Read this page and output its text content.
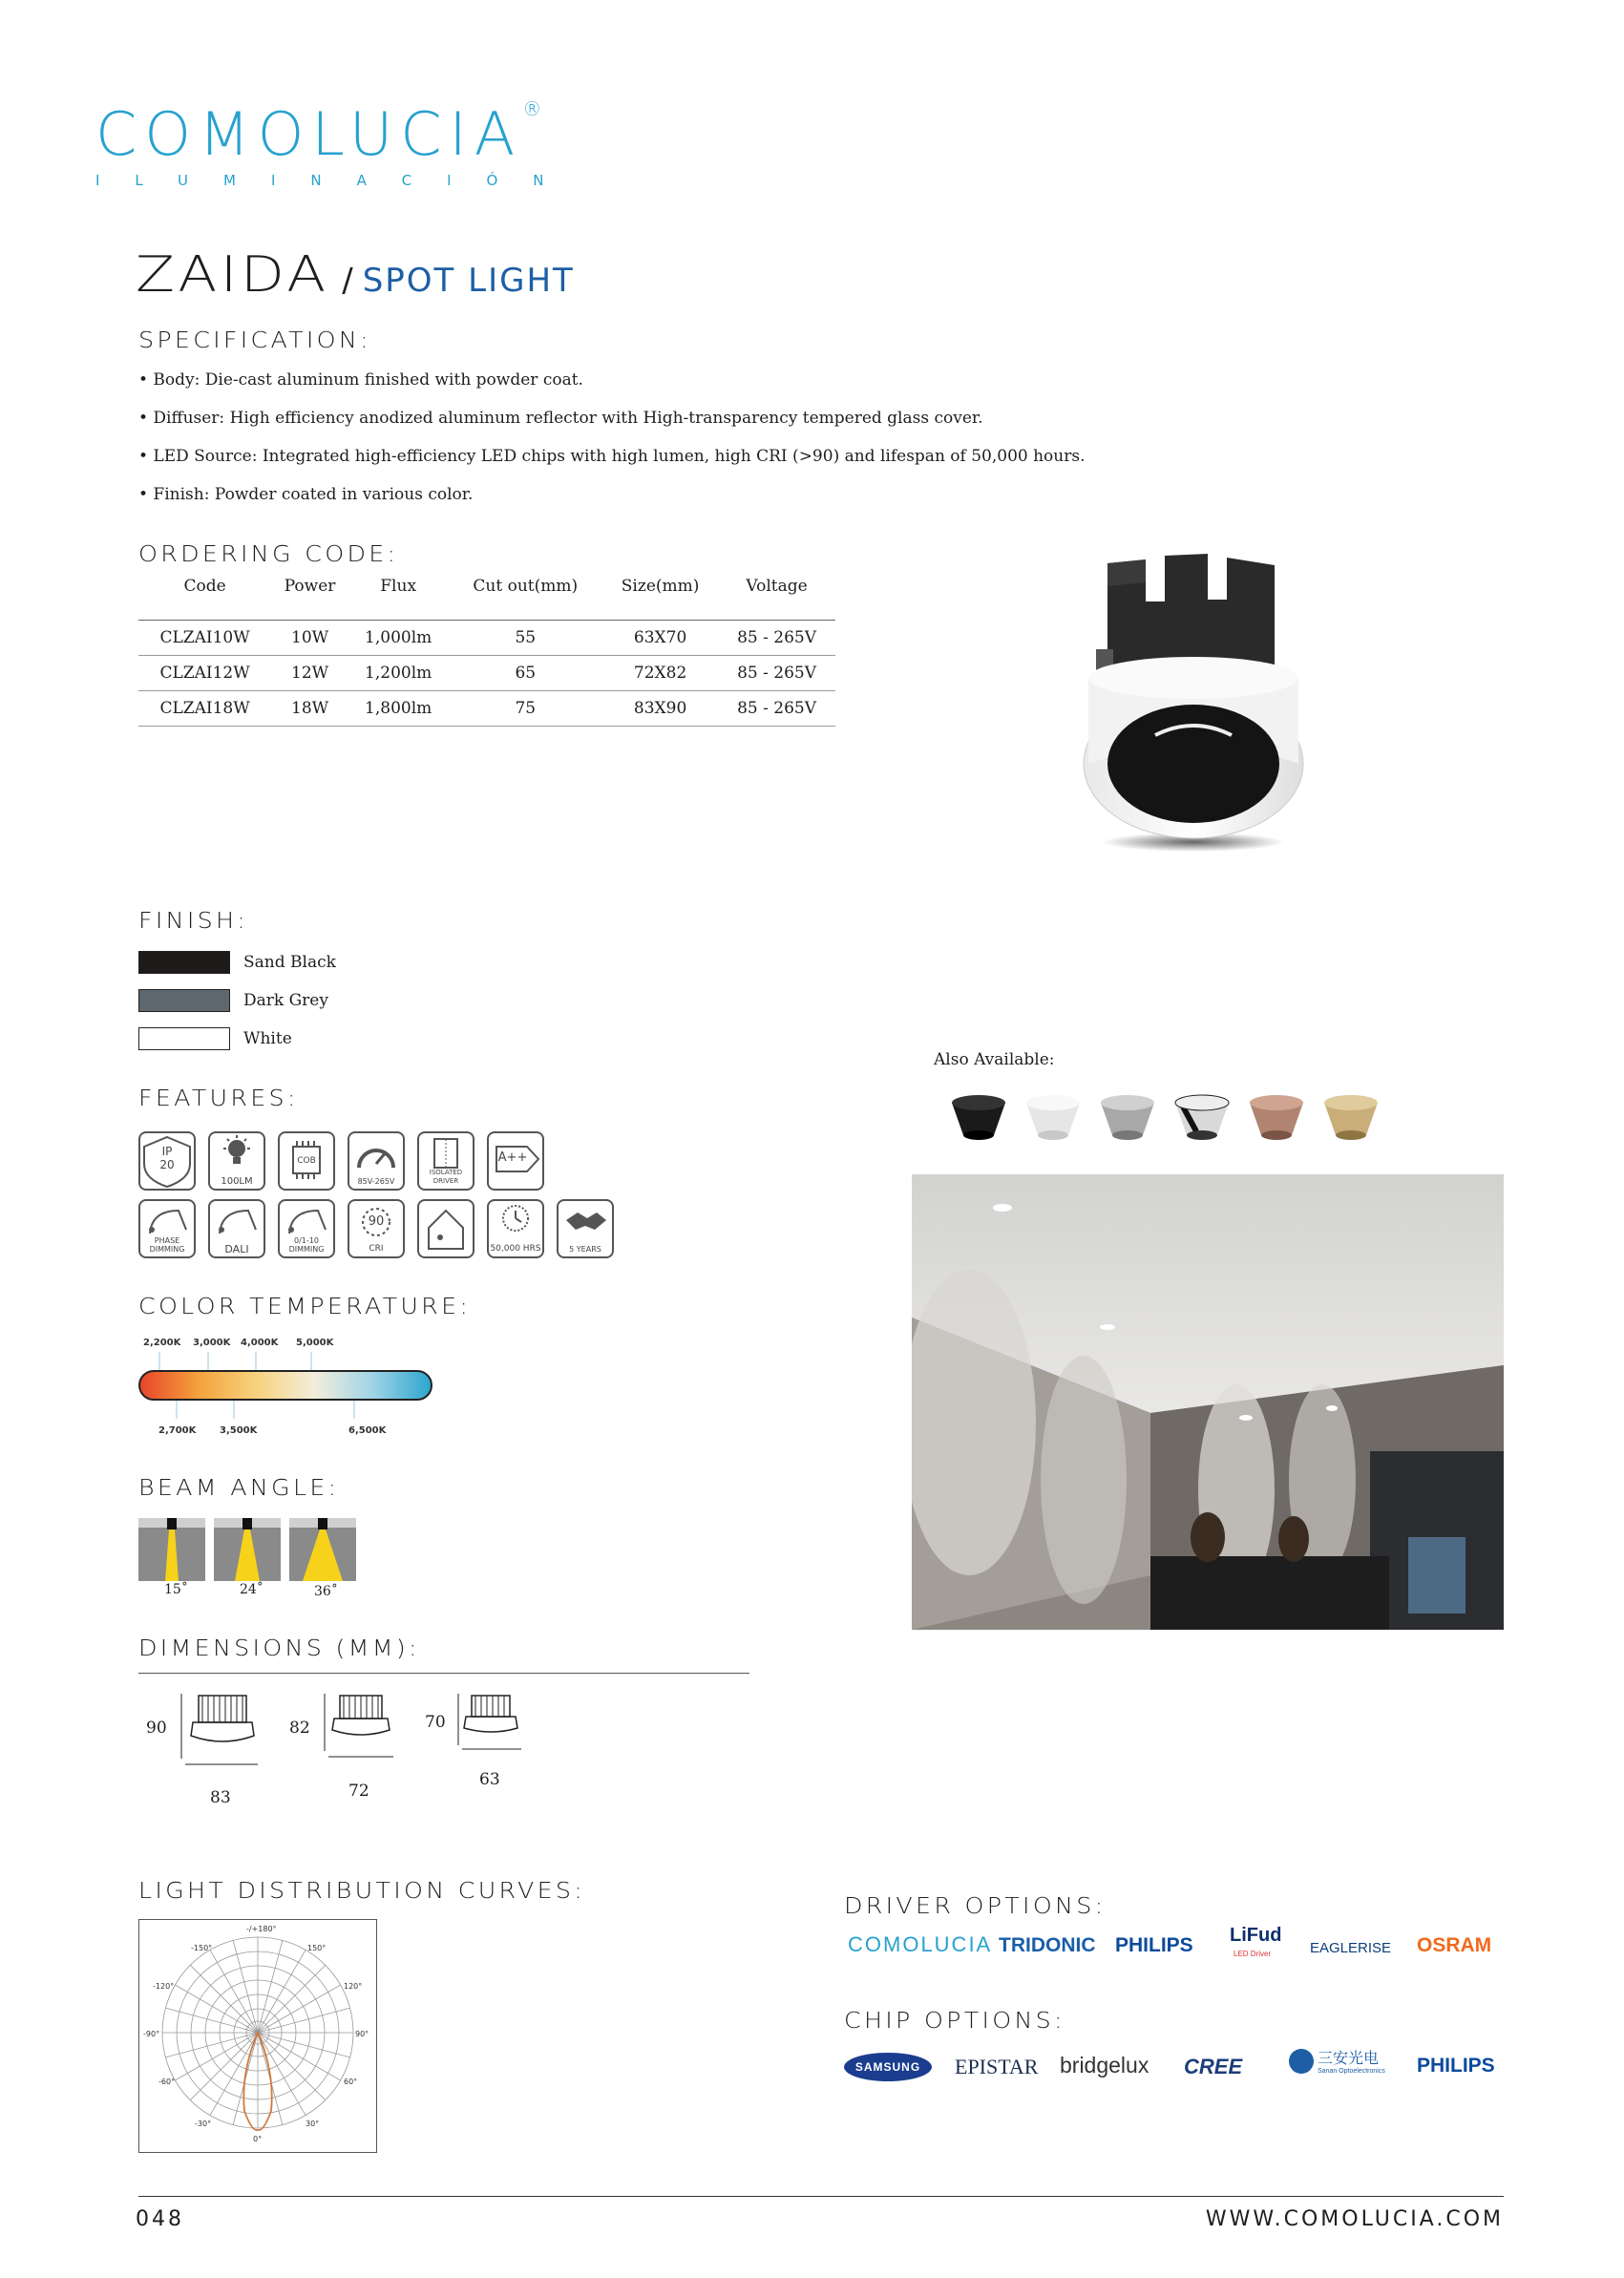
COMOLUCIA®
ILUMINACIÓN
ZAIDA / SPOT LIGHT
SPECIFICATION:
• Body: Die-cast aluminum finished with powder coat.
• Diffuser: High efficiency anodized aluminum reflector with High-transparency tempered glass cover.
• LED Source: Integrated high-efficiency LED chips with high lumen, high CRI (>90) and lifespan of 50,000 hours.
• Finish: Powder coated in various color.
ORDERING CODE:
Code	Power	Flux	Cut out(mm)	Size(mm)	Voltage
CLZAI10W	10W	1,000lm	55	63X70	85 - 265V
CLZAI12W	12W	1,200lm	65	72X82	85 - 265V
CLZAI18W	18W	1,800lm	75	83X90	85 - 265V
FINISH:
Sand Black
Dark Grey
White
Also Available:
FEATURES:
IP
20
100LM
COB
85V-265V
ISOLATED DRIVER
A++
PHASE DIMMING	DALI
0/1-10 DIMMING
90
CRI	50,000 HRS	5 YEARS
COLOR TEMPERATURE:
2,200K 3,000K 4,000K 5,000K
2,700K 3,500K	6,500K
BEAM ANGLE:
15˚	24˚	36˚
DIMENSIONS (MM):
90
83
82
72
70
63
LIGHT DISTRIBUTION CURVES:
-/+180°
-150°	150°
-120°	120°
-90°	90°
-60°	60°
-30°	30°
0°
DRIVER OPTIONS:
COMOLUCIA TRIDONIC PHILIPS LiFud
LED Driver	EAGLERISE OSRAM
CHIP OPTIONS:
SAMSUNG EPISTAR bridgelux CREE	三安光电
Sanan Optoelectronics PHILIPS
048	WWW.COMOLUCIA.COM
